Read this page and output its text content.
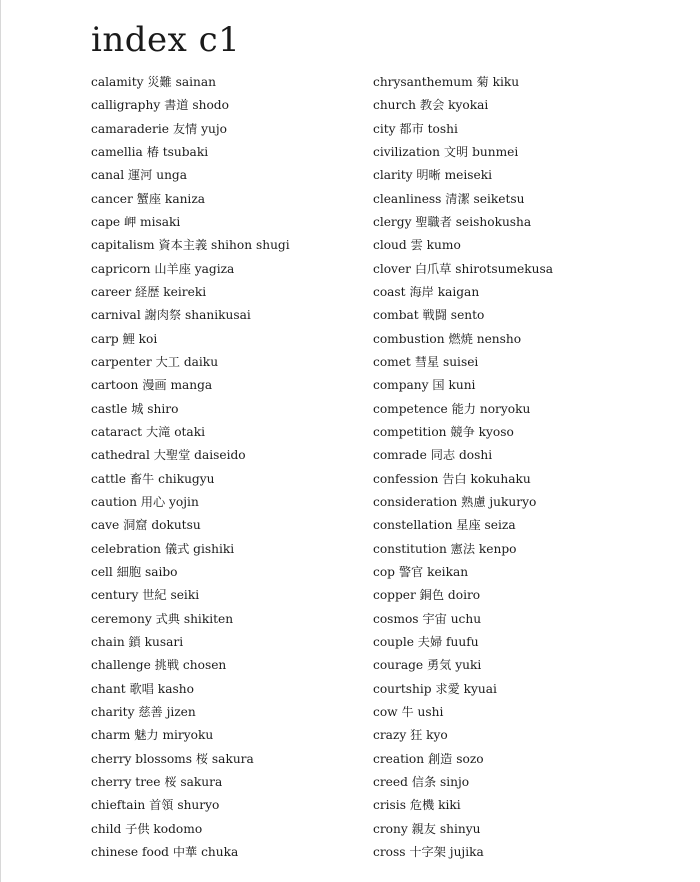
index c1
calamity 災難 sainan
calligraphy 書道 shodo
camaraderie 友情 yujo
camellia 椿 tsubaki
canal 運河 unga
cancer 蟹座 kaniza
cape 岬 misaki
capitalism 資本主義 shihon shugi
capricorn 山羊座 yagiza
career 経歴 keireki
carnival 謝肉祭 shanikusai
carp 鯉 koi
carpenter 大工 daiku
cartoon 漫画 manga
castle 城 shiro
cataract 大滝 otaki
cathedral 大聖堂 daiseido
cattle 畜牛 chikugyu
caution 用心 yojin
cave 洞窟 dokutsu
celebration 儀式 gishiki
cell 細胞 saibo
century 世紀 seiki
ceremony 式典 shikiten
chain 鎖 kusari
challenge 挑戦 chosen
chant 歌唱 kasho
charity 慈善 jizen
charm 魅力 miryoku
cherry blossoms 桜 sakura
cherry tree 桜 sakura
chieftain 首領 shuryo
child 子供 kodomo
chinese food 中華 chuka
chrysanthemum 菊 kiku
church 教会 kyokai
city 都市 toshi
civilization 文明 bunmei
clarity 明晰 meiseki
cleanliness 清潔 seiketsu
clergy 聖職者 seishokusha
cloud 雲 kumo
clover 白爪草 shirotsumekusa
coast 海岸 kaigan
combat 戦闘 sento
combustion 燃焼 nensho
comet 彗星 suisei
company 国 kuni
competence 能力 noryoku
competition 競争 kyoso
comrade 同志 doshi
confession 告白 kokuhaku
consideration 熟慮 jukuryo
constellation 星座 seiza
constitution 憲法 kenpo
cop 警官 keikan
copper 銅色 doiro
cosmos 宇宙 uchu
couple 夫婦 fuufu
courage 勇気 yuki
courtship 求愛 kyuai
cow 牛 ushi
crazy 狂 kyo
creation 創造 sozo
creed 信条 sinjo
crisis 危機 kiki
crony 親友 shinyu
cross 十字架 jujika
